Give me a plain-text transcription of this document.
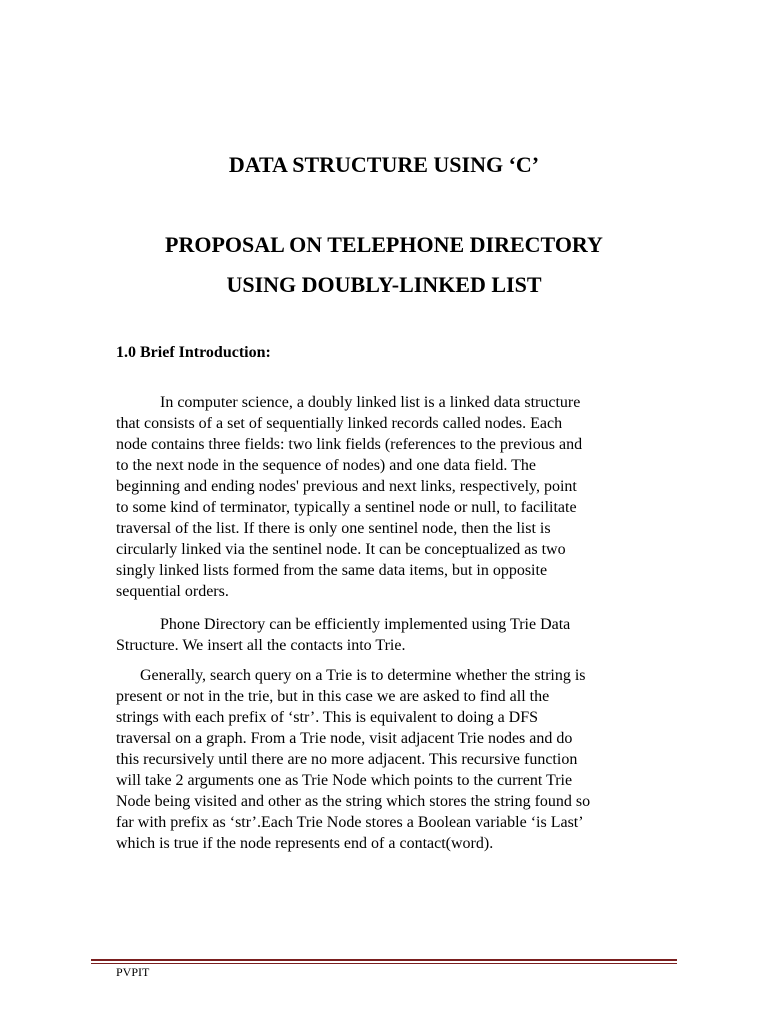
DATA STRUCTURE USING ‘C’
PROPOSAL ON TELEPHONE DIRECTORY
USING DOUBLY-LINKED LIST
1.0 Brief Introduction:
In computer science, a doubly linked list is a linked data structure
that consists of a set of sequentially linked records called nodes. Each
node contains three fields: two link fields (references to the previous and
to the next node in the sequence of nodes) and one data field. The
beginning and ending nodes' previous and next links, respectively, point
to some kind of terminator, typically a sentinel node or null, to facilitate
traversal of the list. If there is only one sentinel node, then the list is
circularly linked via the sentinel node. It can be conceptualized as two
singly linked lists formed from the same data items, but in opposite
sequential orders.
Phone Directory can be efficiently implemented using Trie Data
Structure. We insert all the contacts into Trie.
Generally, search query on a Trie is to determine whether the string is
present or not in the trie, but in this case we are asked to find all the
strings with each prefix of ‘str’. This is equivalent to doing a DFS
traversal on a graph. From a Trie node, visit adjacent Trie nodes and do
this recursively until there are no more adjacent. This recursive function
will take 2 arguments one as Trie Node which points to the current Trie
Node being visited and other as the string which stores the string found so
far with prefix as ‘str’.Each Trie Node stores a Boolean variable ‘is Last’
which is true if the node represents end of a contact(word).

PVPIT
